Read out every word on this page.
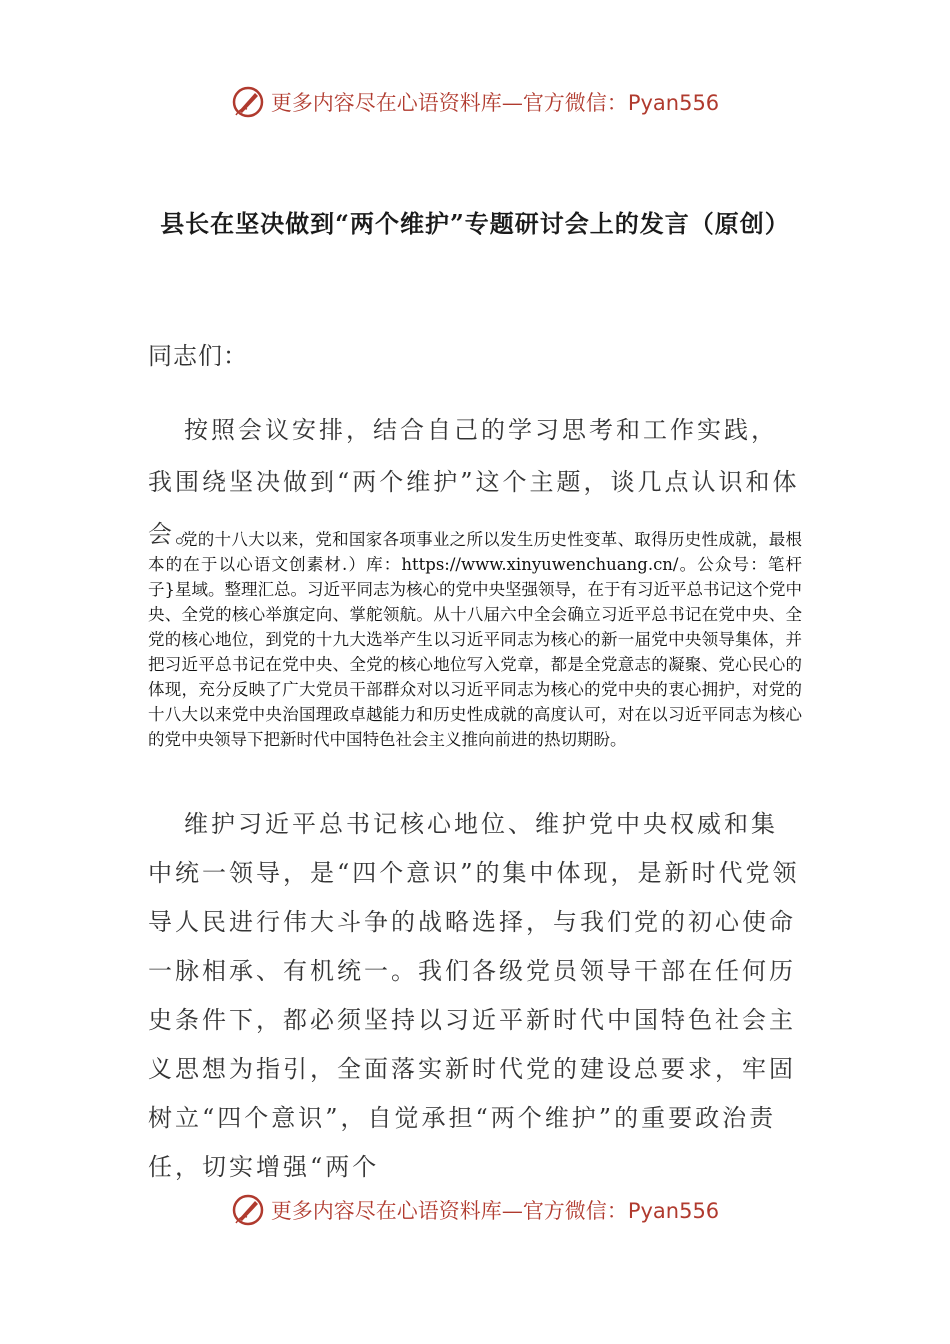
更多内容尽在心语资料库—官方微信：Pyan556
县长在坚决做到“两个维护”专题研讨会上的发言（原创）
同志们：

按照会议安排，结合自己的学习思考和工作实践，我围绕坚决做到“两个维护”这个主题，谈几点认识和体会。

党的十八大以来，党和国家各项事业之所以发生历史性变革、取得历史性成就，最根本的在于以心语文创素材.）库：https://www.xinyuwenchuang.cn/。公众号：笔杆子}星域。整理汇总。习近平同志为核心的党中央坚强领导，在于有习近平总书记这个党中央、全党的核心举旗定向、掌舵领航。从十八届六中全会确立习近平总书记在党中央、全党的核心地位，到党的十九大选举产生以习近平同志为核心的新一届党中央领导集体，并把习近平总书记在党中央、全党的核心地位写入党章，都是全党意志的凝聚、党心民心的体现，充分反映了广大党员干部群众对以习近平同志为核心的党中央的衷心拥护，对党的十八大以来党中央治国理政卓越能力和历史性成就的高度认可，对在以习近平同志为核心的党中央领导下把新时代中国特色社会主义推向前进的热切期盼。

维护习近平总书记核心地位、维护党中央权威和集中统一领导，是“四个意识”的集中体现，是新时代党领导人民进行伟大斗争的战略选择，与我们党的初心使命一脉相承、有机统一。我们各级党员领导干部在任何历史条件下，都必须坚持以习近平新时代中国特色社会主义思想为指引，全面落实新时代党的建设总要求，牢固树立“四个意识”，自觉承担“两个维护”的重要政治责任，切实增强“两个

更多内容尽在心语资料库—官方微信：Pyan556
